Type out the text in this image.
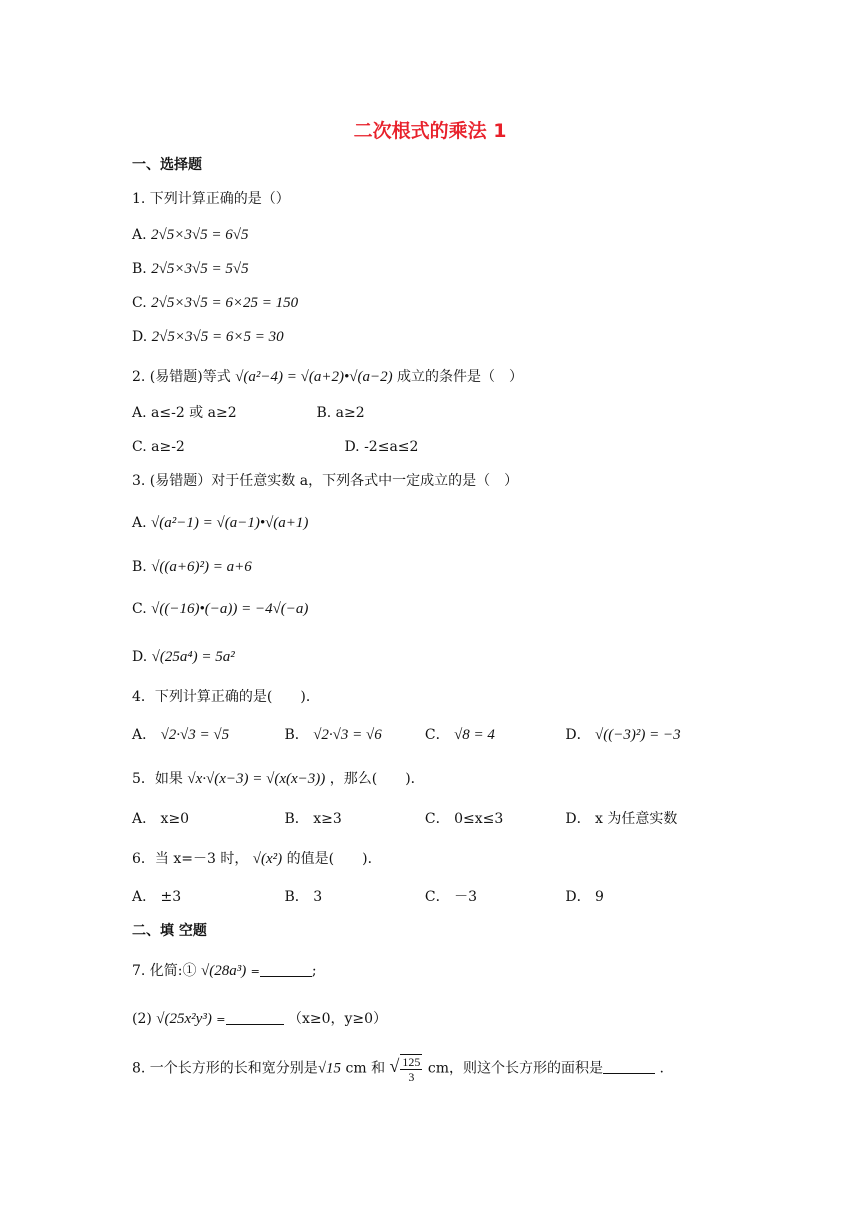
二次根式的乘法 1
一、选择题
1. 下列计算正确的是（）
A. 2√5×3√5 = 6√5
B. 2√5×3√5 = 5√5
C. 2√5×3√5 = 6×25 = 150
D. 2√5×3√5 = 6×5 = 30
2. (易错题)等式 √(a²−4) = √(a+2)•√(a−2) 成立的条件是（　）
A. a≤-2 或 a≥2	B. a≥2
C. a≥-2	D. -2≤a≤2
3. (易错题）对于任意实数 a，下列各式中一定成立的是（　）
A. √(a²−1) = √(a−1)•√(a+1)
B. √((a+6)²) = a+6
C. √((−16)•(−a)) = −4√(−a)
D. √(25a⁴) = 5a²
4．下列计算正确的是(　　)．
A． √2·√3 = √5	B． √2·√3 = √6	C． √8 = 4	D． √((−3)²) = −3
5．如果 √x·√(x−3) = √(x(x−3)) ，那么(　　)．
A． x≥0	B． x≥3	C． 0≤x≤3	D． x 为任意实数
6．当 x=－3 时， √(x²) 的值是(　　)．
A． ±3	B． 3	C． －3	D． 9
二、填 空题
7. 化简:① √(28a³) =	;
(2) √(25x²y³) =	（x≥0，y≥0）
8. 一个长方形的长和宽分别是√15 cm 和 √ $\frac{125}{3}$ cm，则这个长方形的面积是	.
